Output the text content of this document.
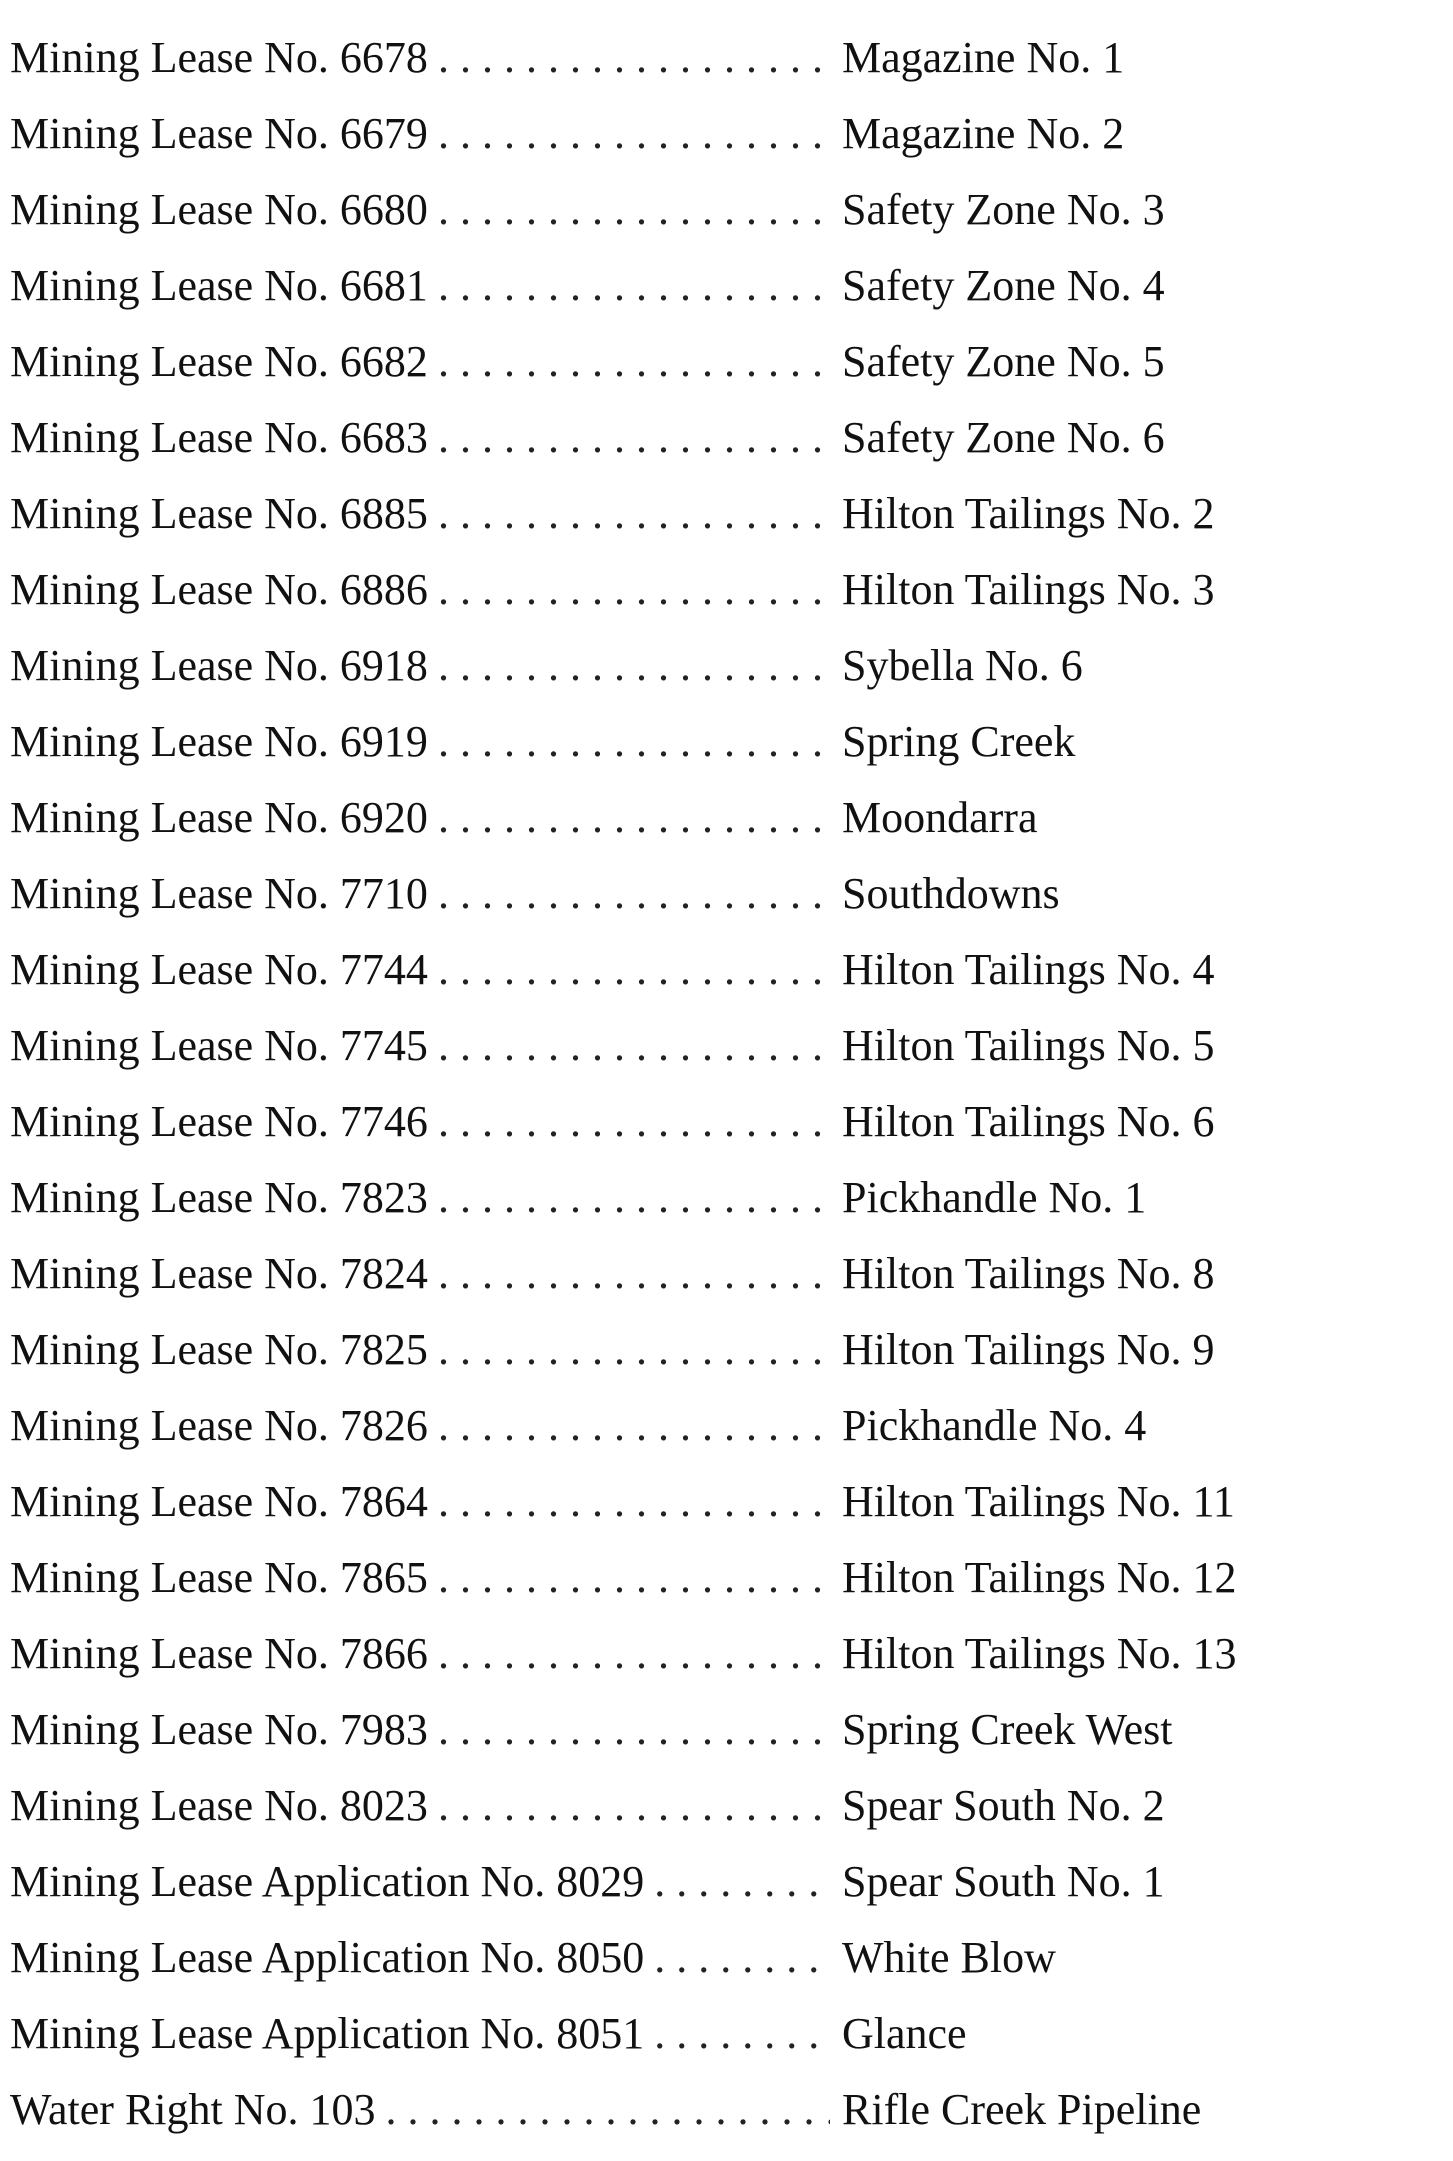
Mining Lease No. 6678 . . .	Magazine No. 1
Mining Lease No. 6679 . . .	Magazine No. 2
Mining Lease No. 6680 . . .	Safety Zone No. 3
Mining Lease No. 6681 . . .	Safety Zone No. 4
Mining Lease No. 6682 . . .	Safety Zone No. 5
Mining Lease No. 6683 . . .	Safety Zone No. 6
Mining Lease No. 6885 . . .	Hilton Tailings No. 2
Mining Lease No. 6886 . . .	Hilton Tailings No. 3
Mining Lease No. 6918 . . .	Sybella No. 6
Mining Lease No. 6919 . . .	Spring Creek
Mining Lease No. 6920 . . .	Moondarra
Mining Lease No. 7710 . . .	Southdowns
Mining Lease No. 7744 . . .	Hilton Tailings No. 4
Mining Lease No. 7745 . . .	Hilton Tailings No. 5
Mining Lease No. 7746 . . .	Hilton Tailings No. 6
Mining Lease No. 7823 . . .	Pickhandle No. 1
Mining Lease No. 7824 . . .	Hilton Tailings No. 8
Mining Lease No. 7825 . . .	Hilton Tailings No. 9
Mining Lease No. 7826 . . .	Pickhandle No. 4
Mining Lease No. 7864 . . .	Hilton Tailings No. 11
Mining Lease No. 7865 . . .	Hilton Tailings No. 12
Mining Lease No. 7866 . . .	Hilton Tailings No. 13
Mining Lease No. 7983 . . .	Spring Creek West
Mining Lease No. 8023 . . .	Spear South No. 2
Mining Lease Application No. 8029 . . .	Spear South No. 1
Mining Lease Application No. 8050 . . .	White Blow
Mining Lease Application No. 8051 . . .	Glance
Water Right No. 103 . . .	Rifle Creek Pipeline
